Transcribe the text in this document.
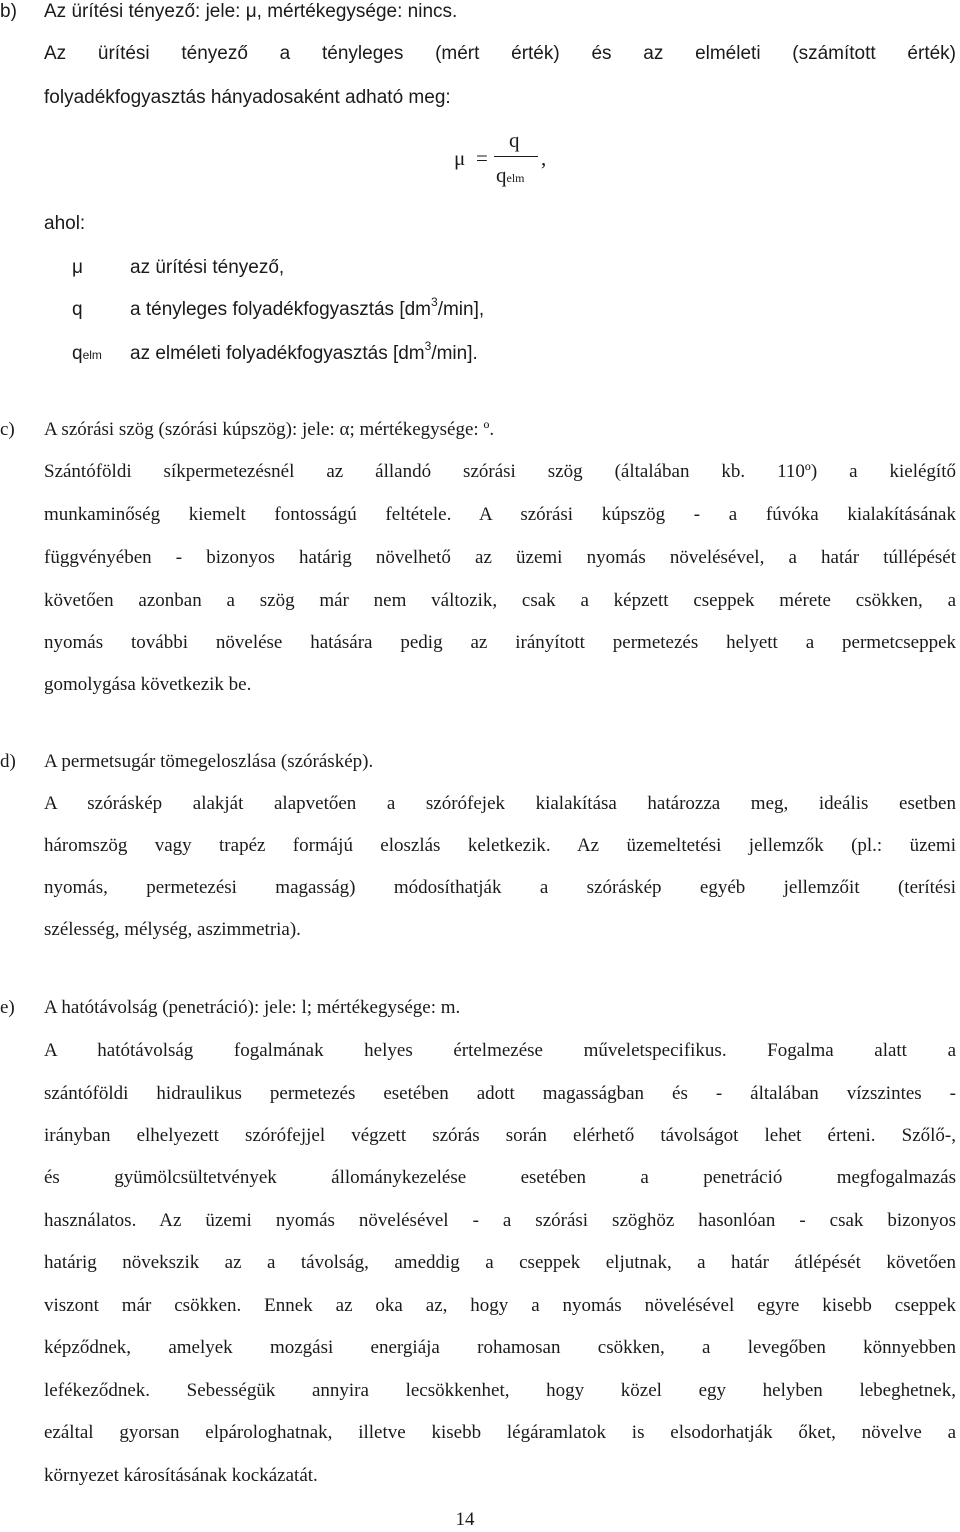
b) Az ürítési tényező: jele: μ, mértékegysége: nincs.
Az ürítési tényező a tényleges (mért érték) és az elméleti (számított érték)
folyadékfogyasztás hányadosaként adható meg:
μ =
q
qelm
,
ahol:
μ az ürítési tényező,
q a tényleges folyadékfogyasztás $[dm^3/\min]$,
qelm az elméleti folyadékfogyasztás $[dm^3/\min]$.
c) A szórási szög (szórási kúpszög): jele: α; mértékegysége: º.
Szántóföldi síkpermetezésnél az állandó szórási szög (általában kb. 110º) a kielégítő
munkaminőség kiemelt fontosságú feltétele. A szórási kúpszög - a fúvóka kialakításának
függvényében - bizonyos határig növelhető az üzemi nyomás növelésével, a határ túllépését
követően azonban a szög már nem változik, csak a képzett cseppek mérete csökken, a
nyomás további növelése hatására pedig az irányított permetezés helyett a permetcseppek
gomolygása következik be.
d) A permetsugár tömegeloszlása (szóráskép).
A szóráskép alakját alapvetően a szórófejek kialakítása határozza meg, ideális esetben
háromszög vagy trapéz formájú eloszlás keletkezik. Az üzemeltetési jellemzők (pl.: üzemi
nyomás, permetezési magasság) módosíthatják a szóráskép egyéb jellemzőit (terítési
szélesség, mélység, aszimmetria).
e) A hatótávolság (penetráció): jele: l; mértékegysége: m.
A hatótávolság fogalmának helyes értelmezése műveletspecifikus. Fogalma alatt a
szántóföldi hidraulikus permetezés esetében adott magasságban és - általában vízszintes -
irányban elhelyezett szórófejjel végzett szórás során elérhető távolságot lehet érteni. Szőlő-,
és gyümölcsültetvények állománykezelése esetében a penetráció megfogalmazás
használatos. Az üzemi nyomás növelésével - a szórási szöghöz hasonlóan - csak bizonyos
határig növekszik az a távolság, ameddig a cseppek eljutnak, a határ átlépését követően
viszont már csökken. Ennek az oka az, hogy a nyomás növelésével egyre kisebb cseppek
képződnek, amelyek mozgási energiája rohamosan csökken, a levegőben könnyebben
lefékeződnek. Sebességük annyira lecsökkenhet, hogy közel egy helyben lebeghetnek,
ezáltal gyorsan elpárologhatnak, illetve kisebb légáramlatok is elsodorhatják őket, növelve a
környezet károsításának kockázatát.
14
